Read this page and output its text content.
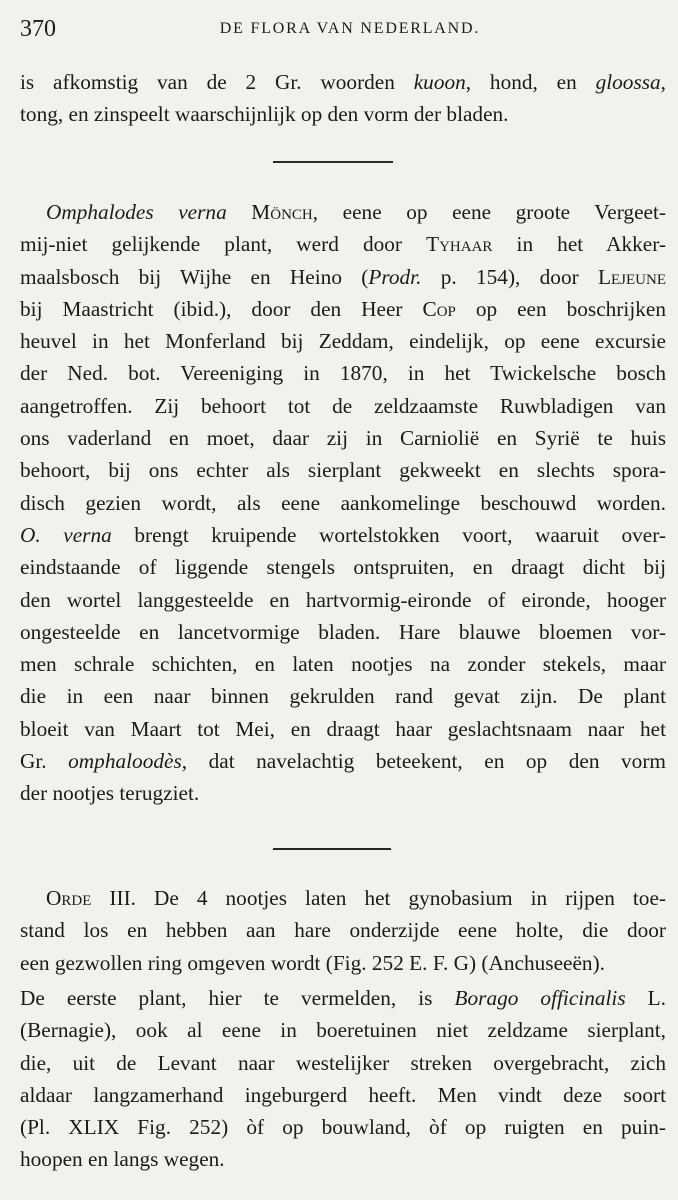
370	DE FLORA VAN NEDERLAND.
is afkomstig van de 2 Gr. woorden kuoon, hond, en gloossa,
tong, en zinspeelt waarschijnlijk op den vorm der bladen.
Omphalodes verna Mönch, eene op eene groote Vergeet-
mij-niet gelijkende plant, werd door Tyhaar in het Akker-
maalsbosch bij Wijhe en Heino (Prodr. p. 154), door Lejeune
bij Maastricht (ibid.), door den Heer Cop op een boschrijken
heuvel in het Monferland bij Zeddam, eindelijk, op eene excursie
der Ned. bot. Vereeniging in 1870, in het Twickelsche bosch
aangetroffen. Zij behoort tot de zeldzaamste Ruwbladigen van
ons vaderland en moet, daar zij in Carnioliё en Syriё te huis
behoort, bij ons echter als sierplant gekweekt en slechts spora-
disch gezien wordt, als eene aankomelinge beschouwd worden.
O. verna brengt kruipende wortelstokken voort, waaruit over-
eindstaande of liggende stengels ontspruiten, en draagt dicht bij
den wortel langgesteelde en hartvormig-eironde of eironde, hooger
ongesteelde en lancetvormige bladen. Hare blauwe bloemen vor-
men schrale schichten, en laten nootjes na zonder stekels, maar
die in een naar binnen gekrulden rand gevat zijn. De plant
bloeit van Maart tot Mei, en draagt haar geslachtsnaam naar het
Gr. omphaloodès, dat navelachtig beteekent, en op den vorm
der nootjes terugziet.
Orde III. De 4 nootjes laten het gynobasium in rijpen toe-
stand los en hebben aan hare onderzijde eene holte, die door
een gezwollen ring omgeven wordt (Fig. 252 E. F. G) (Anchuseeën).
De eerste plant, hier te vermelden, is Borago officinalis L.
(Bernagie), ook al eene in boeretuinen niet zeldzame sierplant,
die, uit de Levant naar westelijker streken overgebracht, zich
aldaar langzamerhand ingeburgerd heeft. Men vindt deze soort
(Pl. XLIX Fig. 252) òf op bouwland, òf op ruigten en puin-
hoopen en langs wegen.
